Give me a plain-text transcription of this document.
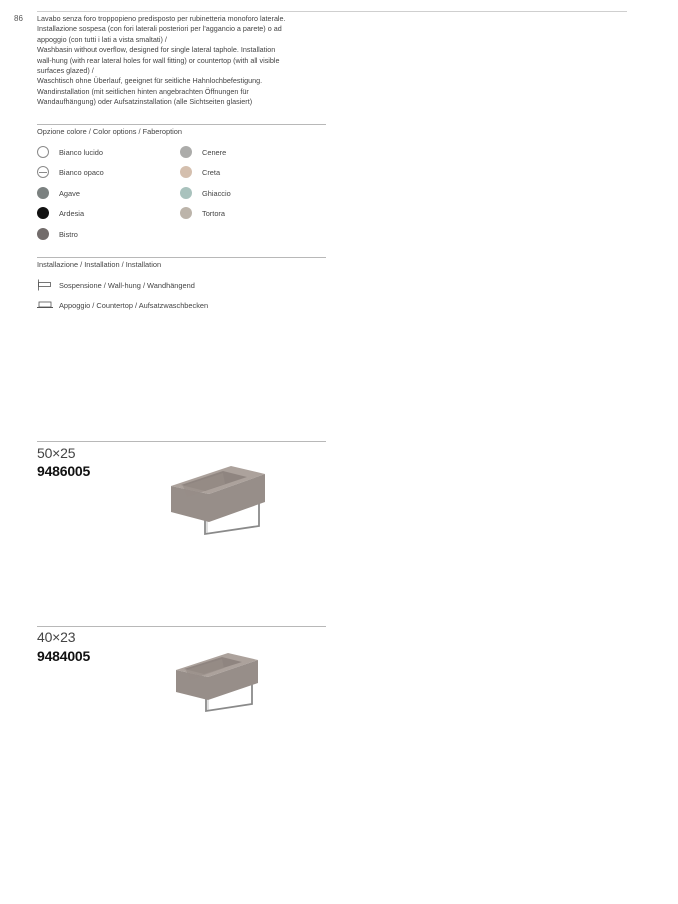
86 Lavabo senza foro troppopieno predisposto per rubinetteria monoforo laterale.

Installazione sospesa (con fori laterali posteriori per l'aggancio a parete) o ad

appoggio (con tutti i lati a vista smaltati) /

Washbasin without overflow, designed for single lateral taphole. Installation

wall-hung (with rear lateral holes for wall fitting) or countertop (with all visible

surfaces glazed) /

Waschtisch ohne Überlauf, geeignet für seitliche Hahnlochbefestigung.

Wandinstallation (mit seitlichen hinten angebrachten Öffnungen für

Wandaufhängung) oder Aufsatzinstallation (alle Sichtseiten glasiert)

Opzione colore / Color options / Faberoption
Bianco lucido
Bianco opaco
Agave
Ardesia
Bistro
Cenere
Creta
Ghiaccio
Tortora
Installazione / Installation / Installation
Sospensione / Wall-hung / Wandhängend
Appoggio / Countertop / Aufsatzwaschbecken
50×25
9486005
40×23
9484005
